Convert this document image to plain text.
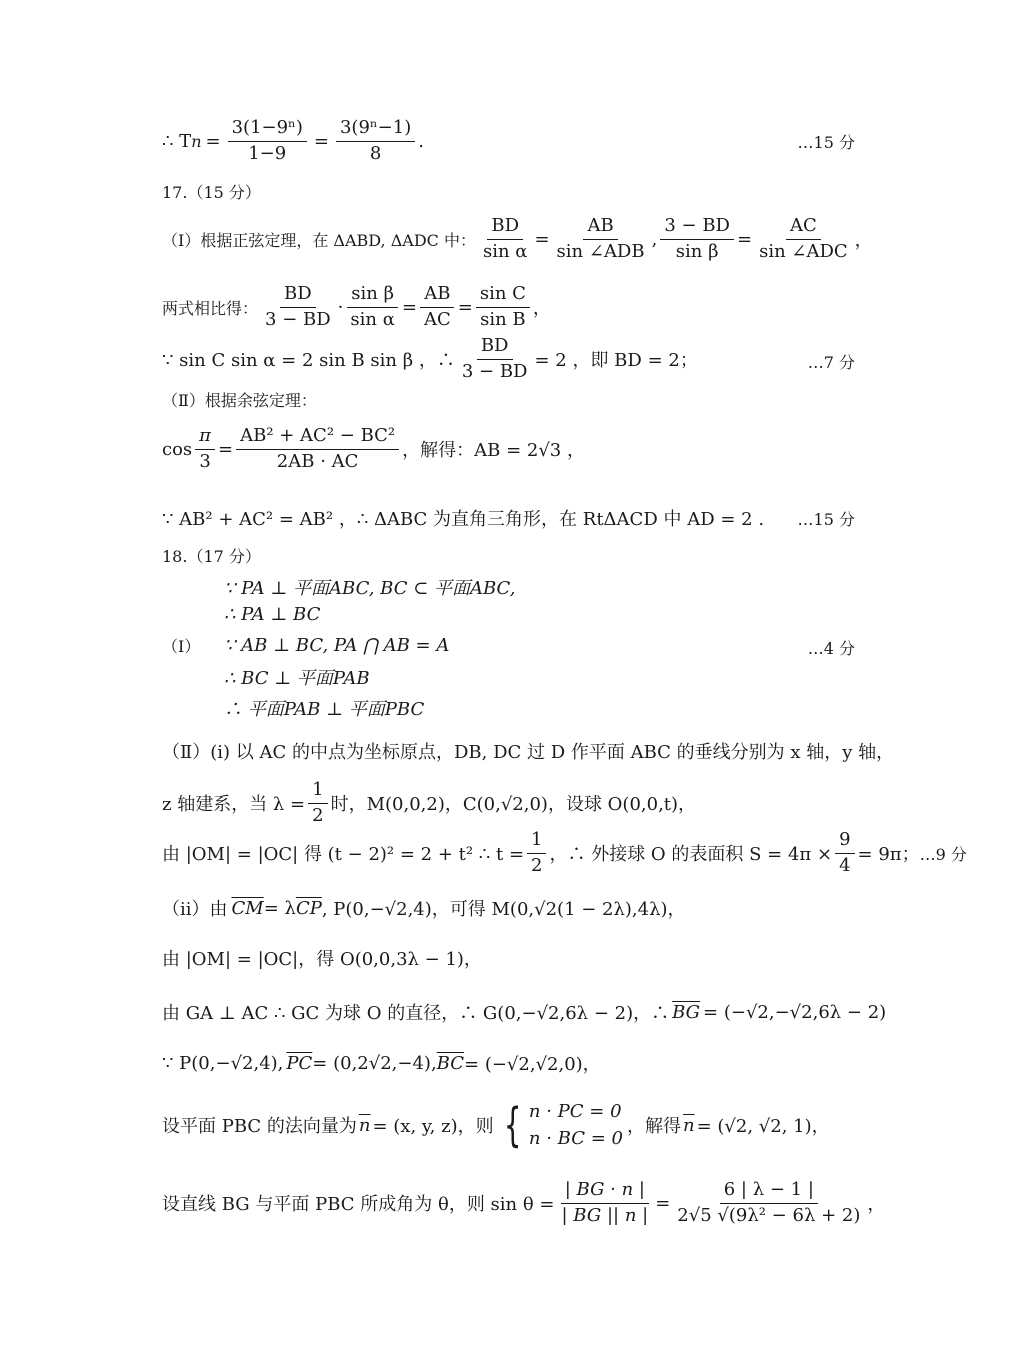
∴ T $n = \frac{\text{3(1−9ⁿ)}}{1-9} = \frac{\text{3(9ⁿ−1)}}{8}$ .	…15 分
17.（15 分）
（Ⅰ）根据正弦定理，在 ΔABD, ΔADC 中： $\frac{BD}{\text{sin α}} = \frac{AB}{\text{sin ∠ADB}}$ , $\frac{3 - BD}{\text{sin β}} = \frac{AC}{\text{sin ∠ADC}}$ ，
两式相比得： $\frac{BD}{3 - BD} \cdot \frac{\text{sin β}}{\text{sin α}} = \frac{AB}{AC} = \frac{\text{sin C}}{\text{sin B}}$ ，
∵ sin C sin α = 2 sin B sin β ，∴ $\frac{BD}{3 - BD} = 2$ ，即 BD = 2；	…7 分
（Ⅱ）根据余弦定理：
$\cos \frac{\pi}{3} = \frac{\text{AB² + AC² − BC²}}{2AB \cdot AC}$ ，解得：AB = 2√3 ，
∵ AB² + AC² = AB² ，∴ ΔABC 为直角三角形，在 RtΔACD 中 AD = 2 .	…15 分
18.（17 分）
∵ PA ⊥ 平面ABC, BC ⊂ 平面ABC,
∴ PA ⊥ BC
（Ⅰ）	∵ AB ⊥ BC, PA ⋂ AB = A	…4 分
∴ BC ⊥ 平面PAB
∴ 平面PAB ⊥ 平面PBC
（Ⅱ）(i) 以 AC 的中点为坐标原点，DB, DC 过 D 作平面 ABC 的垂线分别为 x 轴，y 轴，
z 轴建系，当 $\lambda = \frac{1}{2}$ 时，M(0,0,2)，C(0,√2,0)，设球 O(0,0,t)，
由 |OM| = |OC| 得 (t − 2)² = 2 + t² ∴ $t = \frac{1}{2}$ ，∴ 外接球 O 的表面积 $S = 4\pi \times \frac{9}{4} = 9\pi$； …9 分
（ii）由 $\overline{CM} = \lambda$ $\overline{CP}$ , P(0,−√2,4)，可得 M(0,√2(1 − 2λ),4λ)，
由 |OM| = |OC|，得 O(0,0,3λ − 1)，
由 GA ⊥ AC ∴ GC 为球 O 的直径，∴ G(0,−√2,6λ − 2)，∴ $\overline{BG} = (-√2,-√2,6\lambda - 2)$
∵ P(0,−√2,4), $\overline{PC} = (0,2√2,-4)$, $\overline{BC} = (-√2,√2,0)$，
设平面 PBC 的法向量为 $\overline{n} = (x$, y, z)，则 { n · PC = 0
n · BC = 0
，解得 $\overline{n} = (√2$, √2, 1)，
设直线 BG 与平面 PBC 所成角为 θ，则 $\sin \theta = \frac{| BG \cdot n |}{| BG || n |} = \frac{6 | \lambda - 1 |}{\text{2√5 √(9λ² − 6λ + 2)}}$ ，
